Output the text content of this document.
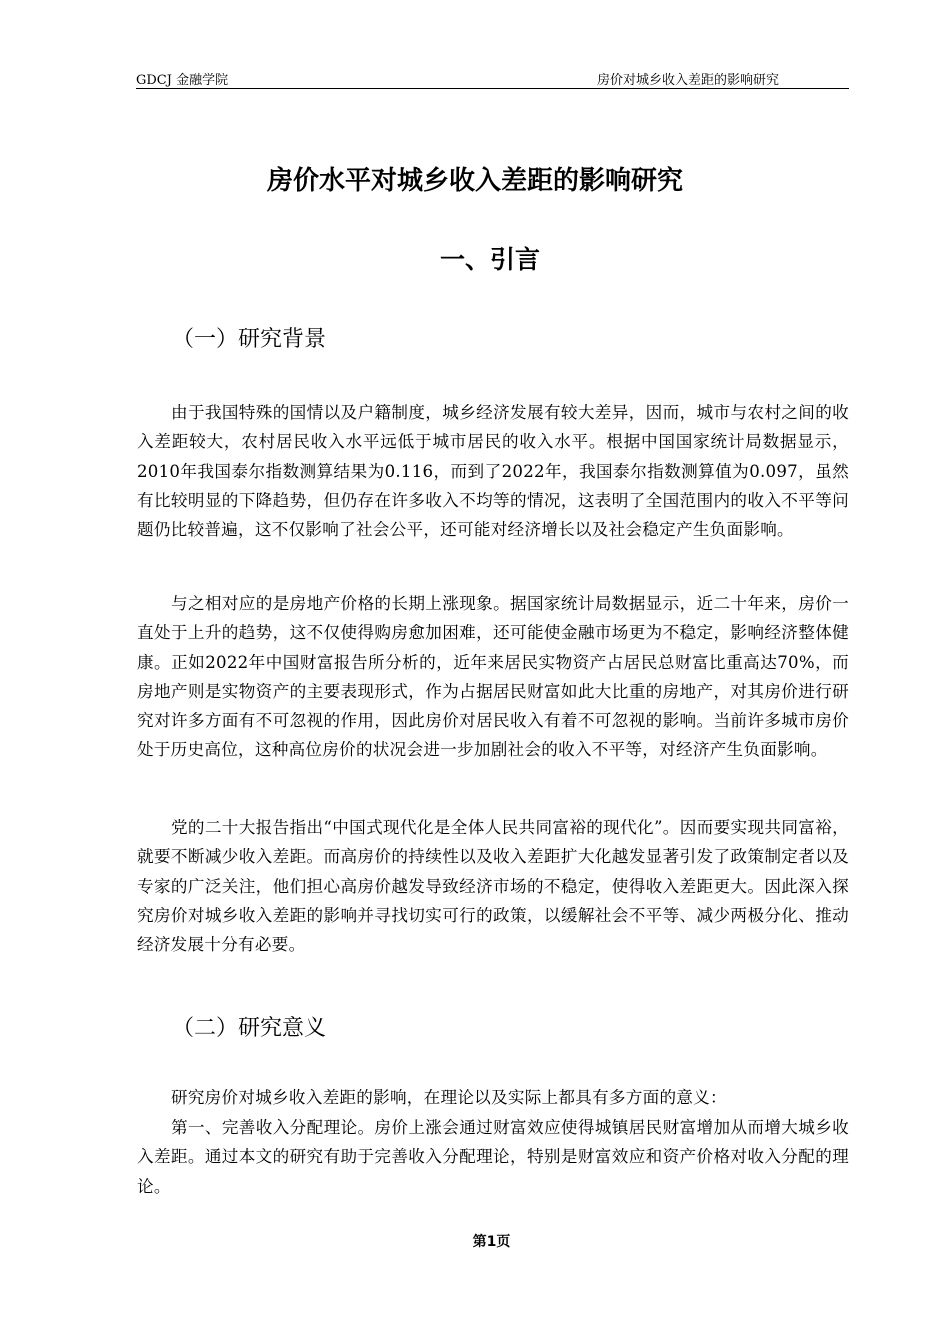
GDCJ 金融学院	房价对城乡收入差距的影响研究
房价水平对城乡收入差距的影响研究
一、引言
（一）研究背景

由于我国特殊的国情以及户籍制度，城乡经济发展有较大差异，因而，城市与农村之间的收入差距较大，农村居民收入水平远低于城市居民的收入水平。根据中国国家统计局数据显示，2010年我国泰尔指数测算结果为0.116，而到了2022年，我国泰尔指数测算值为0.097，虽然有比较明显的下降趋势，但仍存在许多收入不均等的情况，这表明了全国范围内的收入不平等问题仍比较普遍，这不仅影响了社会公平，还可能对经济增长以及社会稳定产生负面影响。

与之相对应的是房地产价格的长期上涨现象。据国家统计局数据显示，近二十年来，房价一直处于上升的趋势，这不仅使得购房愈加困难，还可能使金融市场更为不稳定，影响经济整体健康。正如2022年中国财富报告所分析的，近年来居民实物资产占居民总财富比重高达70%，而房地产则是实物资产的主要表现形式，作为占据居民财富如此大比重的房地产，对其房价进行研究对许多方面有不可忽视的作用，因此房价对居民收入有着不可忽视的影响。当前许多城市房价处于历史高位，这种高位房价的状况会进一步加剧社会的收入不平等，对经济产生负面影响。

党的二十大报告指出“中国式现代化是全体人民共同富裕的现代化”。因而要实现共同富裕，就要不断减少收入差距。而高房价的持续性以及收入差距扩大化越发显著引发了政策制定者以及专家的广泛关注，他们担心高房价越发导致经济市场的不稳定，使得收入差距更大。因此深入探究房价对城乡收入差距的影响并寻找切实可行的政策，以缓解社会不平等、减少两极分化、推动经济发展十分有必要。

（二）研究意义

研究房价对城乡收入差距的影响，在理论以及实际上都具有多方面的意义：

第一、完善收入分配理论。房价上涨会通过财富效应使得城镇居民财富增加从而增大城乡收入差距。通过本文的研究有助于完善收入分配理论，特别是财富效应和资产价格对收入分配的理论。

第1页
